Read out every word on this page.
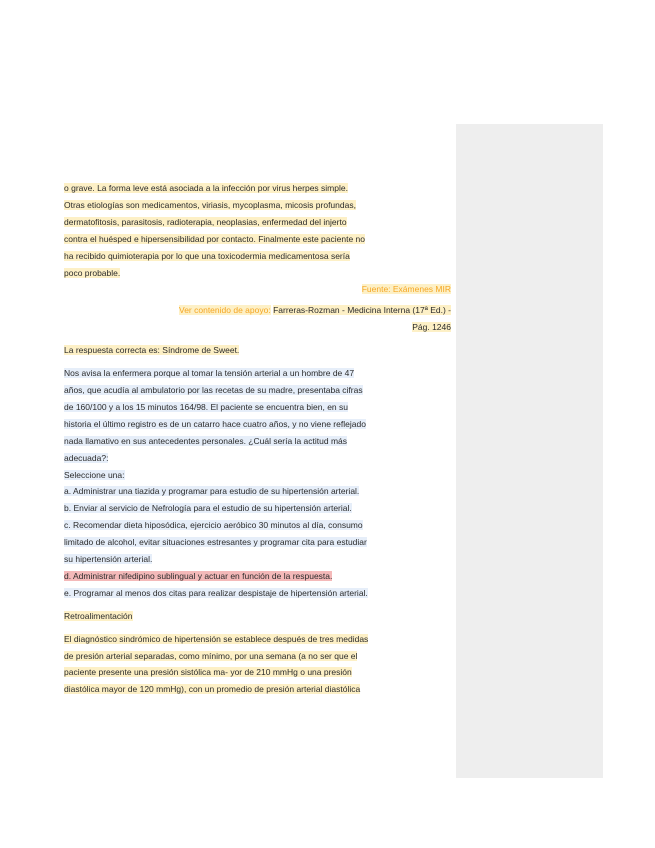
o grave. La forma leve está asociada a la infección por virus herpes simple.
Otras etiologías son medicamentos, viriasis, mycoplasma, micosis profundas,
dermatofitosis, parasitosis, radioterapia, neoplasias, enfermedad del injerto
contra el huésped e hipersensibilidad por contacto. Finalmente este paciente no
ha recibido quimioterapia por lo que una toxicodermia medicamentosa sería
poco probable.
Fuente: Exámenes MIR
Ver contenido de apoyo: Farreras-Rozman - Medicina Interna (17ª Ed.) -
Pág. 1246
La respuesta correcta es: Síndrome de Sweet.
Nos avisa la enfermera porque al tomar la tensión arterial a un hombre de 47
años, que acudía al ambulatorio por las recetas de su madre, presentaba cifras
de 160/100 y a los 15 minutos 164/98. El paciente se encuentra bien, en su
historia el último registro es de un catarro hace cuatro años, y no viene reflejado
nada llamativo en sus antecedentes personales. ¿Cuál sería la actitud más
adecuada?:
Seleccione una:
a. Administrar una tiazida y programar para estudio de su hipertensión arterial.
b. Enviar al servicio de Nefrología para el estudio de su hipertensión arterial.
c. Recomendar dieta hiposódica, ejercicio aeróbico 30 minutos al día, consumo
limitado de alcohol, evitar situaciones estresantes y programar cita para estudiar
su hipertensión arterial.
d. Administrar nifedipino sublingual y actuar en función de la respuesta.
e. Programar al menos dos citas para realizar despistaje de hipertensión arterial.
Retroalimentación
El diagnóstico sindrómico de hipertensión se establece después de tres medidas
de presión arterial separadas, como mínimo, por una semana (a no ser que el
paciente presente una presión sistólica ma- yor de 210 mmHg o una presión
diastólica mayor de 120 mmHg), con un promedio de presión arterial diastólica
